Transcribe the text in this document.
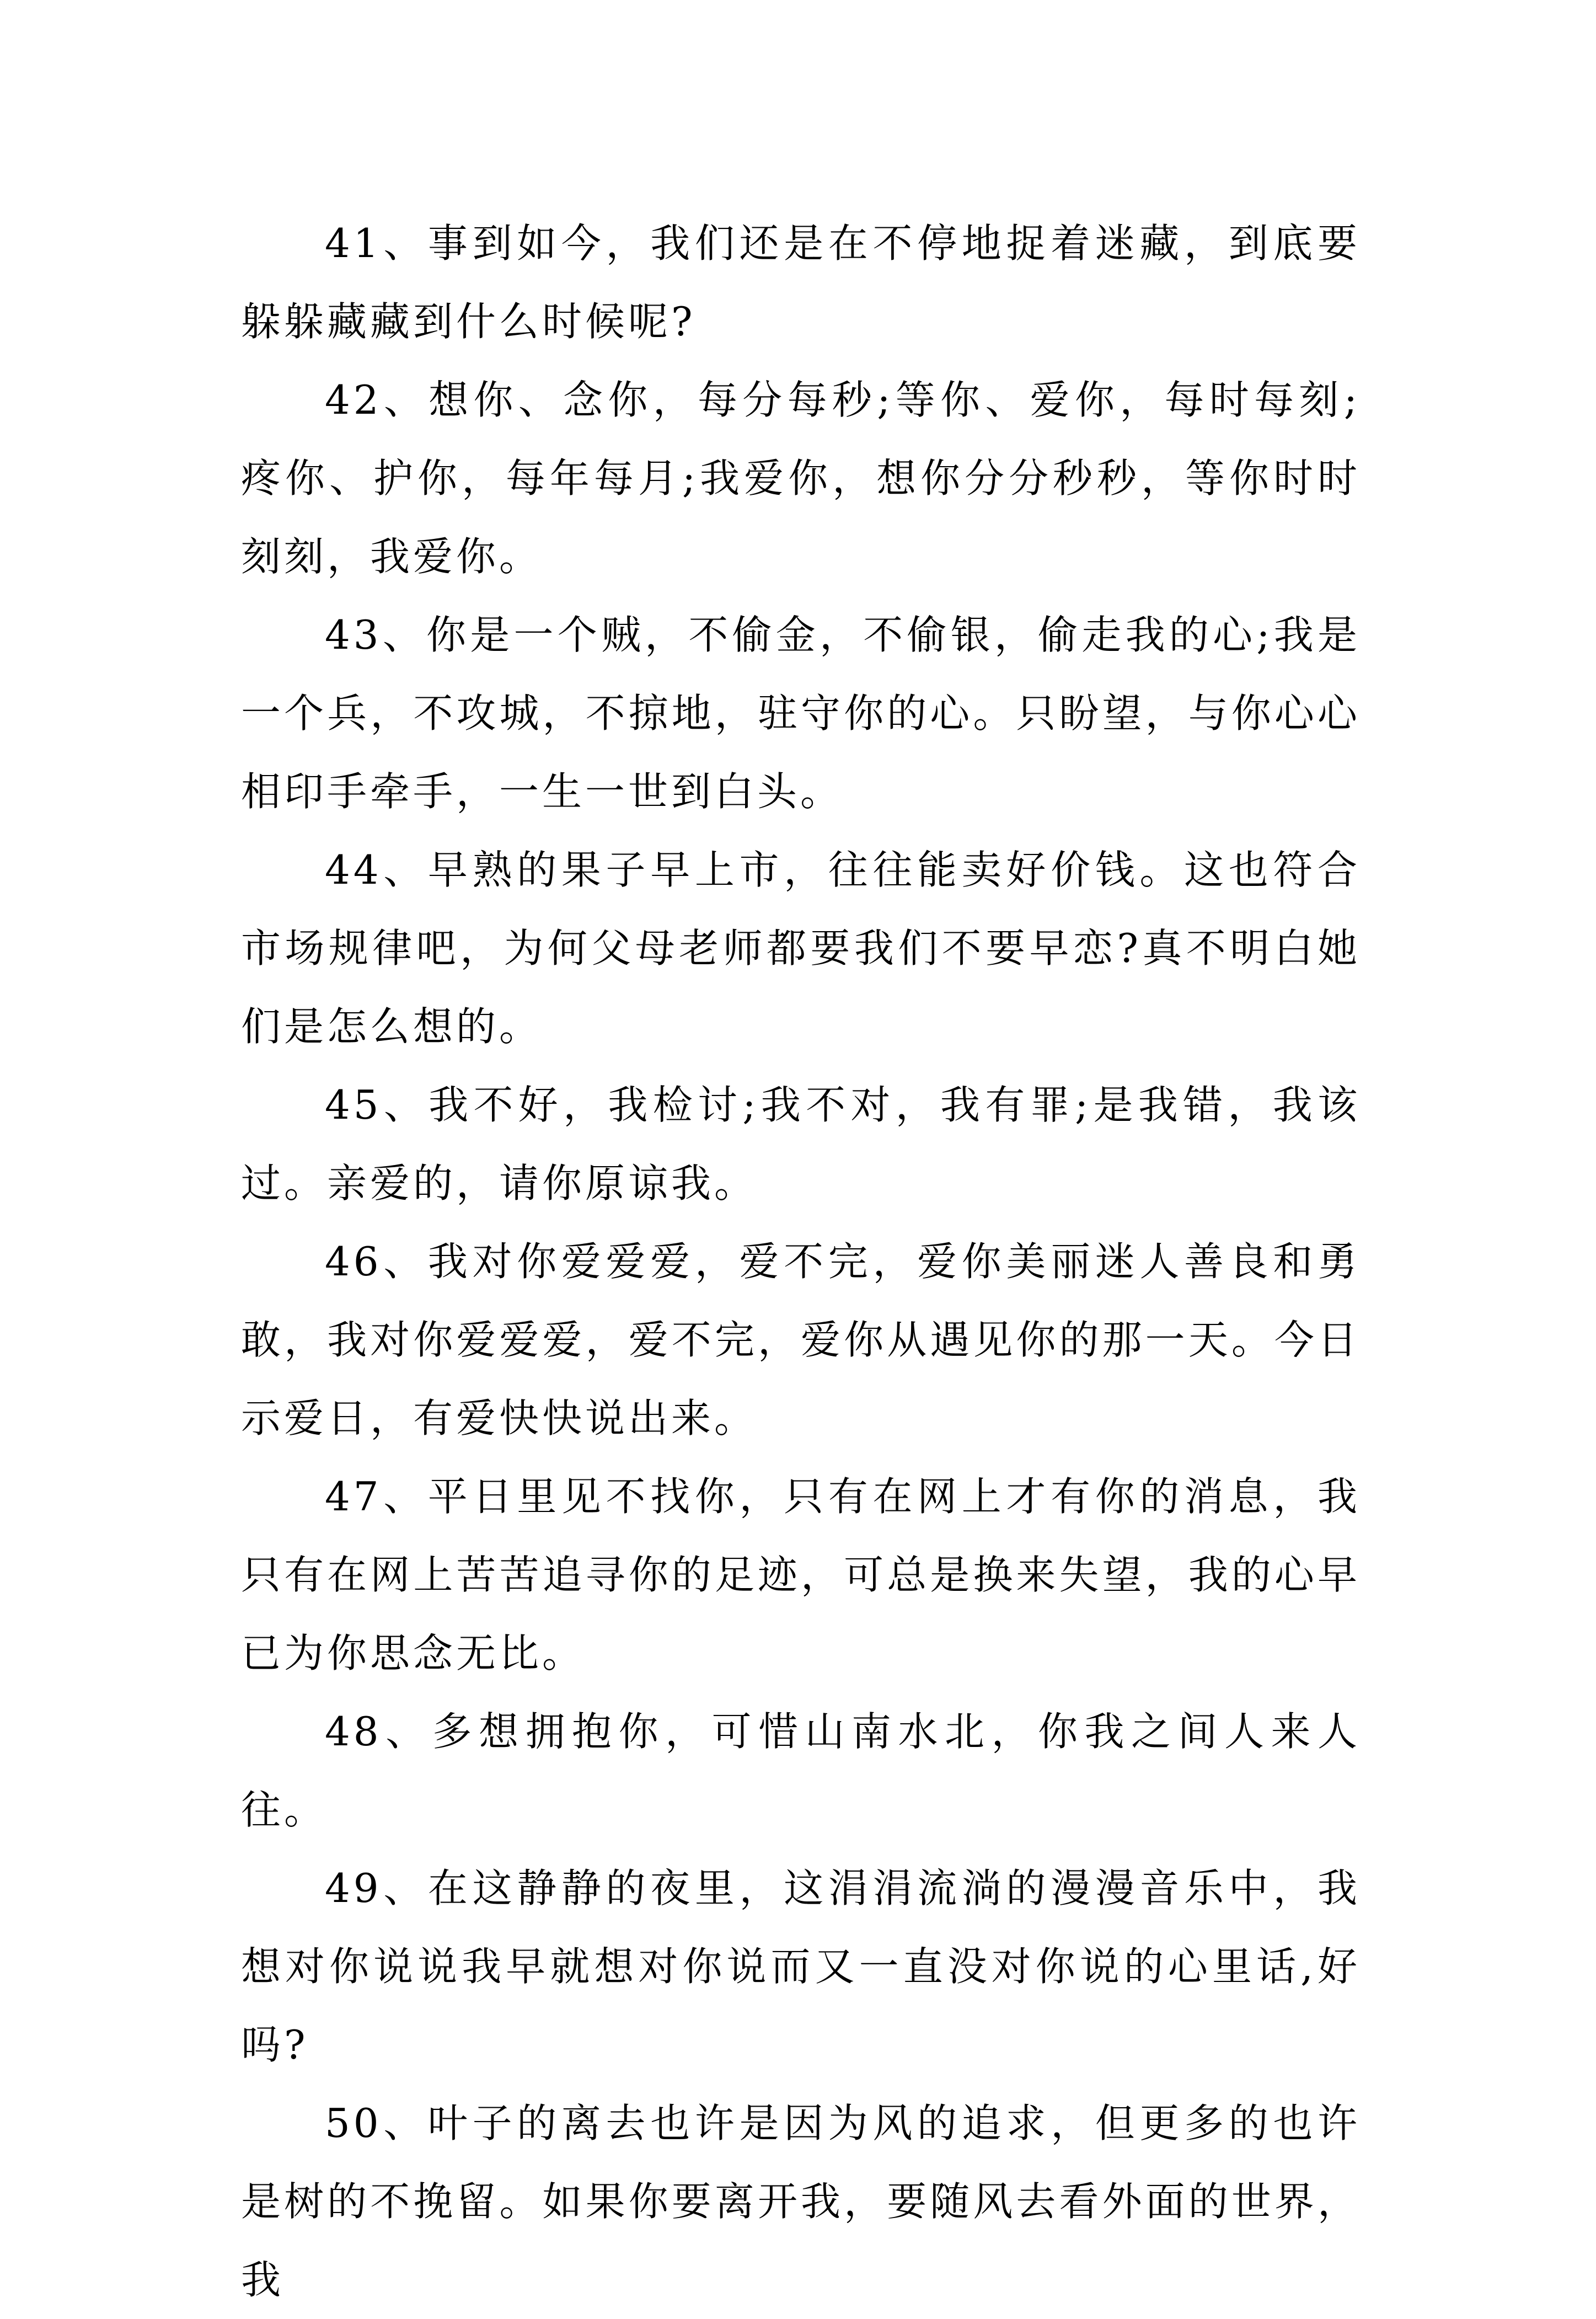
41、事到如今，我们还是在不停地捉着迷藏，到底要躲躲藏藏到什么时候呢?

42、想你、念你，每分每秒;等你、爱你，每时每刻;疼你、护你，每年每月;我爱你，想你分分秒秒，等你时时刻刻，我爱你。

43、你是一个贼，不偷金，不偷银，偷走我的心;我是一个兵，不攻城，不掠地，驻守你的心。只盼望，与你心心相印手牵手，一生一世到白头。

44、早熟的果子早上市，往往能卖好价钱。这也符合市场规律吧，为何父母老师都要我们不要早恋?真不明白她们是怎么想的。

45、我不好，我检讨;我不对，我有罪;是我错，我该过。亲爱的，请你原谅我。

46、我对你爱爱爱，爱不完，爱你美丽迷人善良和勇敢，我对你爱爱爱，爱不完，爱你从遇见你的那一天。今日示爱日，有爱快快说出来。

47、平日里见不找你，只有在网上才有你的消息，我只有在网上苦苦追寻你的足迹，可总是换来失望，我的心早已为你思念无比。

48、多想拥抱你，可惜山南水北，你我之间人来人往。

49、在这静静的夜里，这涓涓流淌的漫漫音乐中，我想对你说说我早就想对你说而又一直没对你说的心里话,好吗?

50、叶子的离去也许是因为风的追求，但更多的也许是树的不挽留。如果你要离开我，要随风去看外面的世界，我
